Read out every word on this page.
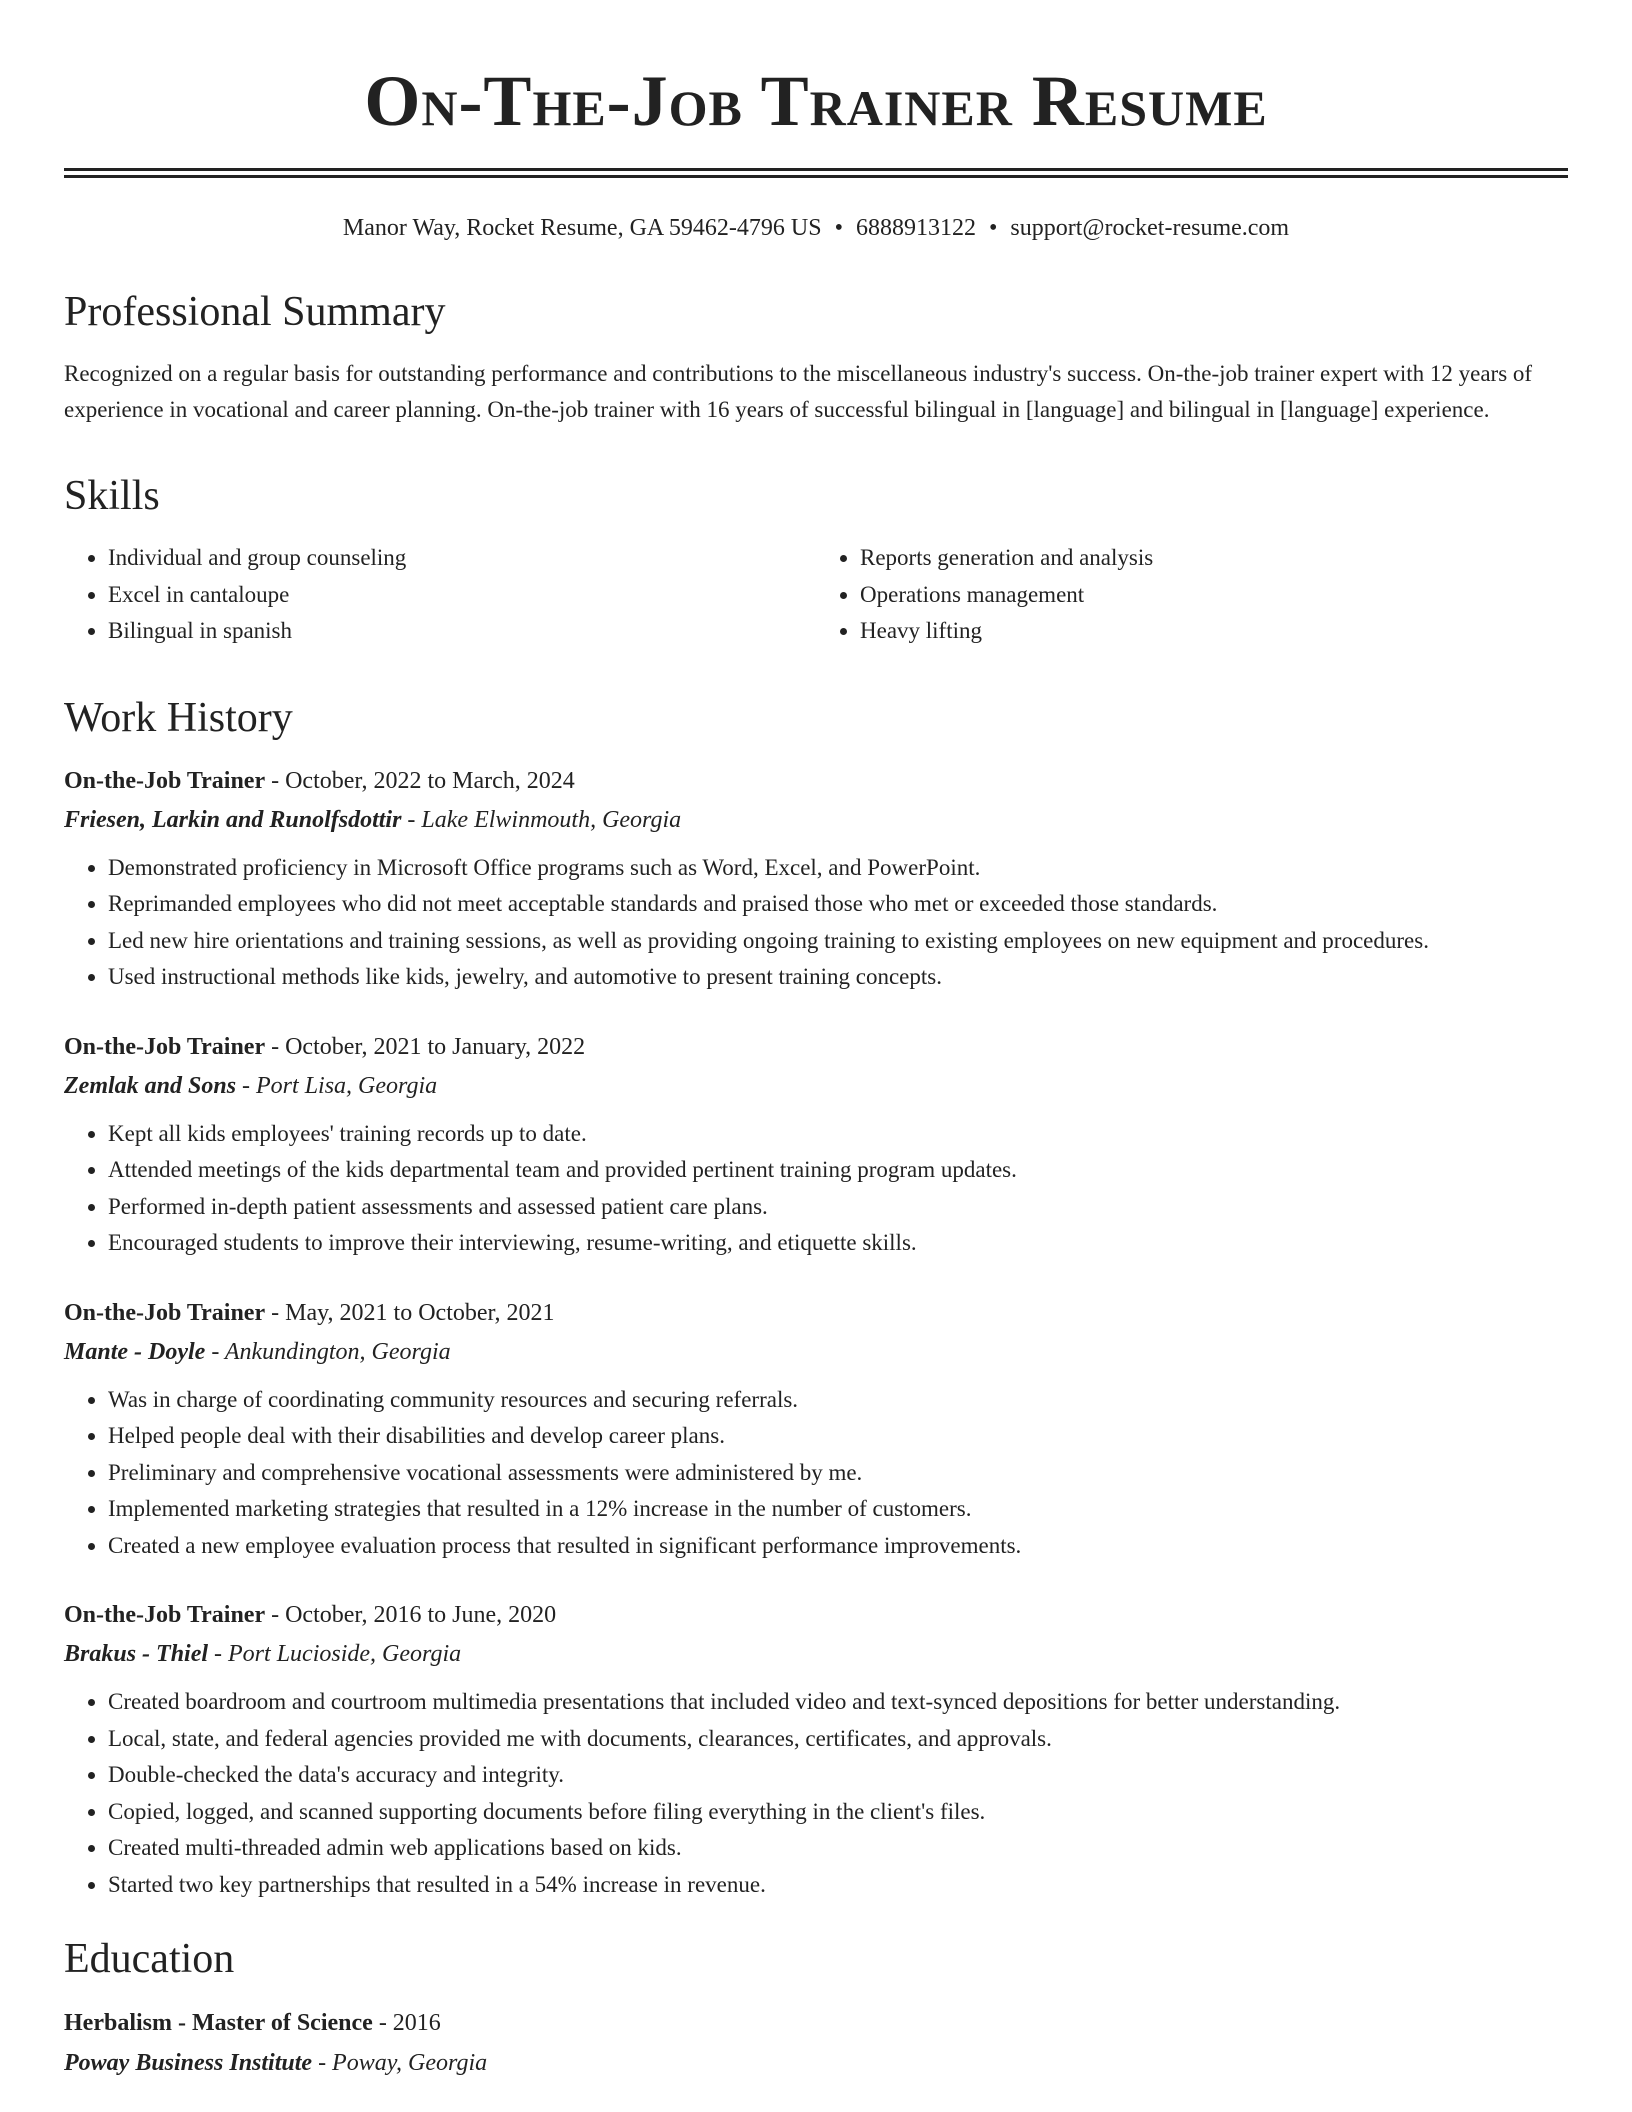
On-The-Job Trainer Resume
Manor Way, Rocket Resume, GA 59462-4796 US • 6888913122 • support@rocket-resume.com
Professional Summary

Recognized on a regular basis for outstanding performance and contributions to the miscellaneous industry's success. On-the-job trainer expert with 12 years of experience in vocational and career planning. On-the-job trainer with 16 years of successful bilingual in [language] and bilingual in [language] experience.

Skills
• Individual and group counseling
• Excel in cantaloupe
• Bilingual in spanish
• Reports generation and analysis
• Operations management
• Heavy lifting
Work History
On-the-Job Trainer - October, 2022 to March, 2024
Friesen, Larkin and Runolfsdottir - Lake Elwinmouth, Georgia
• Demonstrated proficiency in Microsoft Office programs such as Word, Excel, and PowerPoint.
• Reprimanded employees who did not meet acceptable standards and praised those who met or exceeded those standards.
• Led new hire orientations and training sessions, as well as providing ongoing training to existing employees on new equipment and procedures.
• Used instructional methods like kids, jewelry, and automotive to present training concepts.
On-the-Job Trainer - October, 2021 to January, 2022
Zemlak and Sons - Port Lisa, Georgia
• Kept all kids employees' training records up to date.
• Attended meetings of the kids departmental team and provided pertinent training program updates.
• Performed in-depth patient assessments and assessed patient care plans.
• Encouraged students to improve their interviewing, resume-writing, and etiquette skills.
On-the-Job Trainer - May, 2021 to October, 2021
Mante - Doyle - Ankundington, Georgia
• Was in charge of coordinating community resources and securing referrals.
• Helped people deal with their disabilities and develop career plans.
• Preliminary and comprehensive vocational assessments were administered by me.
• Implemented marketing strategies that resulted in a 12% increase in the number of customers.
• Created a new employee evaluation process that resulted in significant performance improvements.
On-the-Job Trainer - October, 2016 to June, 2020
Brakus - Thiel - Port Lucioside, Georgia
• Created boardroom and courtroom multimedia presentations that included video and text-synced depositions for better understanding.
• Local, state, and federal agencies provided me with documents, clearances, certificates, and approvals.
• Double-checked the data's accuracy and integrity.
• Copied, logged, and scanned supporting documents before filing everything in the client's files.
• Created multi-threaded admin web applications based on kids.
• Started two key partnerships that resulted in a 54% increase in revenue.
Education
Herbalism - Master of Science - 2016
Poway Business Institute - Poway, Georgia
